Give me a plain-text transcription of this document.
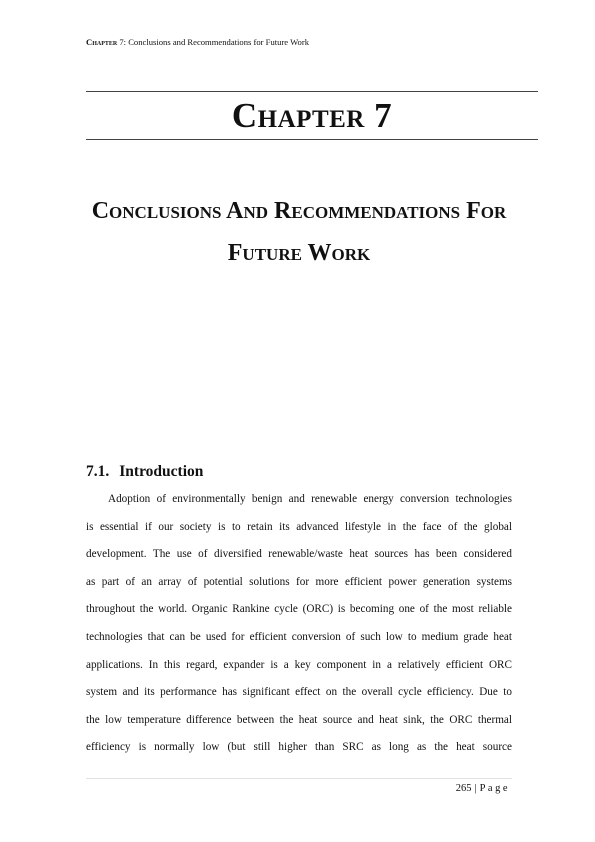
Chapter 7: Conclusions and Recommendations for Future Work
Chapter 7
Conclusions And Recommendations For
Future Work
7.1. Introduction
Adoption of environmentally benign and renewable energy conversion technologies
is essential if our society is to retain its advanced lifestyle in the face of the global
development. The use of diversified renewable/waste heat sources has been considered
as part of an array of potential solutions for more efficient power generation systems
throughout the world. Organic Rankine cycle (ORC) is becoming one of the most reliable
technologies that can be used for efficient conversion of such low to medium grade heat
applications. In this regard, expander is a key component in a relatively efficient ORC
system and its performance has significant effect on the overall cycle efficiency. Due to
the low temperature difference between the heat source and heat sink, the ORC thermal
efficiency is normally low (but still higher than SRC as long as the heat source
265 | Page
